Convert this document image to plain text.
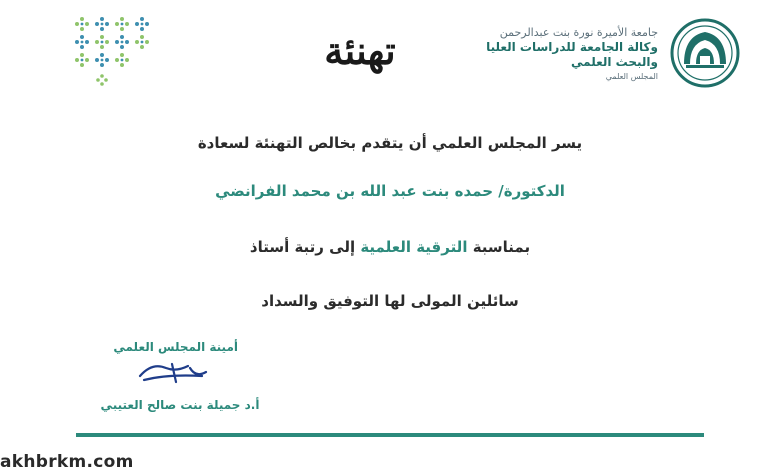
جامعة الأميرة نورة بنت عبدالرحمن
وكالة الجامعة للدراسات العليا
والبحث العلمي
المجلس العلمي
تهنئة
يسر المجلس العلمي أن يتقدم بخالص التهنئة لسعادة
الدكتورة/ حمده بنت عبد الله بن محمد الفرانضي
بمناسبة الترقية العلمية إلى رتبة أستاذ
سائلين المولى لها التوفيق والسداد
أمينة المجلس العلمي
أ.د جميلة بنت صالح العتيبي
akhbrkm.com
